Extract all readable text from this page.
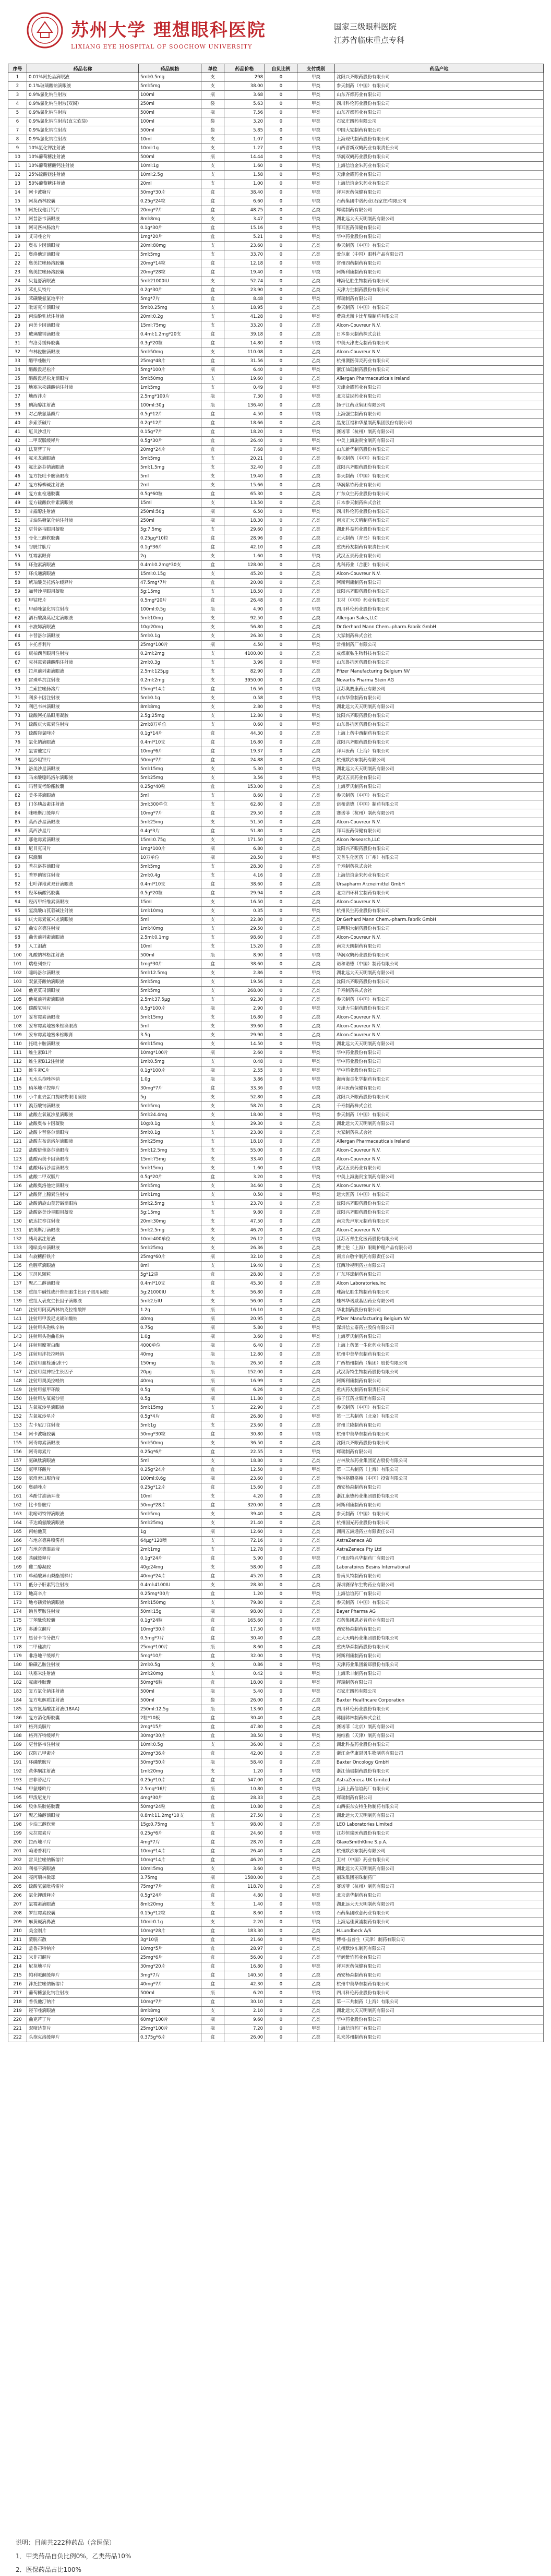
苏州大学 理想眼科医院
LIXIANG EYE HOSPITAL OF SOOCHOW UNIVERSITY
国家三级眼科医院
江苏省临床重点专科
序号	药品名称	药品规格	单位	药品价格	自负比例	支付类别	药品产地
1	0.01%阿托品滴眼液	5ml:0.5mg	支	298	0	甲类	沈阳兴齐眼药股份有限公司
2	0.1%玻璃酸钠滴眼液	5ml:5mg	支	38.00	0	甲类	参天制药（中国）有限公司
3	0.9%氯化钠注射液	100ml	瓶	3.68	0	甲类	山东齐都药业有限公司
4	0.9%氯化钠注射液(双阀)	250ml	袋	5.63	0	甲类	四川科伦药业股份有限公司
5	0.9%氯化钠注射液	500ml	瓶	7.56	0	甲类	山东齐都药业有限公司
6	0.9%氯化钠注射液(直立软袋)	100ml	袋	3.20	0	甲类	石家庄四药有限公司
7	0.9%氯化钠注射液	500ml	袋	5.85	0	甲类	中国大冢制药有限公司
8	0.9%氯化钠注射液	10ml	支	1.07	0	甲类	上海现代制药股份有限公司
9	10%氯化钾注射液	10ml:1g	支	1.27	0	甲类	山西晋新双鹤药业有限责任公司
10	10%葡萄糖注射液	500ml	瓶	14.44	0	甲类	华润双鹤药业股份有限公司
11	10%葡萄糖酸钙注射液	10ml:1g	支	1.60	0	甲类	上海信谊金朱药业有限公司
12	25%硫酸镁注射液	10ml:2.5g	支	1.58	0	甲类	天津金耀药业有限公司
13	50%葡萄糖注射液	20ml	支	1.00	0	甲类	上海信谊金朱药业有限公司
14	阿卡波糖片	50mg*30片	盒	38.40	0	甲类	拜耳医药保健有限公司
15	阿莫西林胶囊	0.25g*24粒	盒	6.60	0	甲类	石药集团中诺药业(石家庄)有限公司
16	阿托伐他汀钙片	20mg*7片	盒	48.75	0	乙类	辉瑞制药有限公司
17	阿昔洛韦滴眼液	8ml:8mg	支	3.47	0	甲类	湖北远大天天明制药有限公司
18	阿司匹林肠溶片	0.1g*30片	盒	15.16	0	甲类	拜耳医药保健有限公司
19	艾司唑仑片	1mg*20片	盒	5.21	0	甲类	华中药业股份有限公司
20	奥布卡因滴眼液	20ml:80mg	支	23.60	0	乙类	参天制药（中国）有限公司
21	奥洛他定滴眼液	5ml:5mg	支	33.70	0	乙类	爱尔康（中国）眼科产品有限公司
22	奥美拉唑肠溶胶囊	20mg*14粒	盒	12.18	0	甲类	常州四药制药有限公司
23	奥美拉唑肠溶胶囊	20mg*28粒	盒	19.40	0	甲类	阿斯利康制药有限公司
24	贝复舒滴眼液	5ml:21000IU	支	52.74	0	乙类	珠海亿胜生物制药有限公司
25	苯扎贝特片	0.2g*30片	盒	23.90	0	乙类	天津力生制药股份有限公司
26	苯磺酸氨氯地平片	5mg*7片	盒	8.48	0	甲类	辉瑞制药有限公司
27	吡诺克辛滴眼液	5ml:0.25mg	支	18.95	0	乙类	参天制药（中国）有限公司
28	丙泊酚乳状注射液	20ml:0.2g	支	41.28	0	甲类	费森尤斯卡比华瑞制药有限公司
29	丙美卡因滴眼液	15ml:75mg	支	33.20	0	乙类	Alcon-Couvreur N.V.
30	玻璃酸钠滴眼液	0.4ml:1.2mg*20支	盒	39.18	0	乙类	日本参天制药株式会社
31	布洛芬缓释胶囊	0.3g*20粒	盒	14.80	0	甲类	中美天津史克制药有限公司
32	布林佐胺滴眼液	5ml:50mg	支	110.08	0	乙类	Alcon-Couvreur N.V.
33	醋甲唑胺片	25mg*48片	盒	31.56	0	乙类	杭州澳医保灵药业有限公司
34	醋酸泼尼松片	5mg*100片	瓶	6.40	0	甲类	浙江仙琚制药股份有限公司
35	醋酸泼尼松龙滴眼液	5ml:50mg	支	19.60	0	乙类	Allergan Pharmaceuticals Ireland
36	地塞米松磷酸钠注射液	1ml:5mg	支	0.49	0	甲类	天津金耀药业有限公司
37	地西泮片	2.5mg*100片	瓶	7.30	0	甲类	北京益民药业有限公司
38	碘海醇注射液	100ml:30g	瓶	136.40	0	乙类	扬子江药业集团有限公司
39	对乙酰氨基酚片	0.5g*12片	盒	4.50	0	甲类	上海强生制药有限公司
40	多索茶碱片	0.2g*12片	盒	18.66	0	乙类	黑龙江福和华星制药集团股份有限公司
41	厄贝沙坦片	0.15g*7片	盒	18.20	0	甲类	赛诺菲（杭州）制药有限公司
42	二甲双胍缓释片	0.5g*30片	盒	26.40	0	甲类	中美上海施贵宝制药有限公司
43	法莫替丁片	20mg*24片	盒	7.68	0	甲类	山东新华制药股份有限公司
44	氟米龙滴眼液	5ml:5mg	支	20.21	0	乙类	参天制药（中国）有限公司
45	氟比洛芬钠滴眼液	5ml:1.5mg	支	32.40	0	乙类	沈阳兴齐眼药股份有限公司
46	复方托吡卡胺滴眼液	5ml	支	19.40	0	乙类	参天制药（中国）有限公司
47	复方樟柳碱注射液	2ml	支	15.66	0	乙类	华润紫竹药业有限公司
48	复方血栓通胶囊	0.5g*60粒	盒	65.30	0	乙类	广东众生药业股份有限公司
49	复方硫酸软骨素滴眼液	15ml	支	13.50	0	乙类	日本参天制药株式会社
50	甘露醇注射液	250ml:50g	瓶	6.50	0	甲类	四川科伦药业股份有限公司
51	甘油果糖氯化钠注射液	250ml	瓶	18.30	0	乙类	南京正大天晴制药有限公司
52	更昔洛韦眼用凝胶	5g:7.5mg	支	29.60	0	乙类	湖北科益药业股份有限公司
53	骨化三醇软胶囊	0.25μg*10粒	盒	28.96	0	乙类	正大制药（青岛）有限公司
54	谷胱甘肽片	0.1g*36片	盒	42.10	0	乙类	重庆药友制药有限责任公司
55	红霉素眼膏	2g	支	1.60	0	甲类	武汉五景药业有限公司
56	环孢素滴眼液	0.4ml:0.2mg*30支	盒	128.00	0	乙类	兆科药业（合肥）有限公司
57	环戊通滴眼液	15ml:0.15g	支	45.20	0	乙类	Alcon-Couvreur N.V.
58	琥珀酸美托洛尔缓释片	47.5mg*7片	盒	20.08	0	乙类	阿斯利康制药有限公司
59	加替沙星眼用凝胶	5g:15mg	支	18.50	0	乙类	沈阳兴齐眼药股份有限公司
60	甲钴胺片	0.5mg*20片	盒	26.48	0	乙类	卫材（中国）药业有限公司
61	甲硝唑氯化钠注射液	100ml:0.5g	瓶	4.90	0	甲类	四川科伦药业股份有限公司
62	酒石酸溴莫尼定滴眼液	5ml:10mg	支	92.50	0	乙类	Allergan Sales,LLC
63	卡波姆滴眼液	10g:20mg	支	56.80	0	乙类	Dr.Gerhard Mann Chem.-pharm.Fabrik GmbH
64	卡替洛尔滴眼液	5ml:0.1g	支	26.30	0	乙类	大冢制药株式会社
65	卡托普利片	25mg*100片	瓶	4.50	0	甲类	常州制药厂有限公司
66	康柏西普眼用注射液	0.2ml:2mg	支	4100.00	0	乙类	成都康弘生物科技有限公司
67	克林霉素磷酸酯注射液	2ml:0.3g	支	3.96	0	甲类	山东鲁抗医药股份有限公司
68	拉坦前列素滴眼液	2.5ml:125μg	支	82.90	0	乙类	Pfizer Manufacturing Belgium NV
69	雷珠单抗注射液	0.2ml:2mg	支	3950.00	0	乙类	Novartis Pharma Stein AG
70	兰索拉唑肠溶片	15mg*14片	盒	16.56	0	甲类	江苏奥赛康药业有限公司
71	利多卡因注射液	5ml:0.1g	支	0.58	0	甲类	山东华鲁制药有限公司
72	利巴韦林滴眼液	8ml:8mg	支	2.80	0	甲类	湖北远大天天明制药有限公司
73	硫酸阿托品眼用凝胶	2.5g:25mg	支	12.80	0	甲类	沈阳兴齐眼药股份有限公司
74	硫酸庆大霉素注射液	2ml:8万单位	支	0.60	0	甲类	山东鲁抗医药股份有限公司
75	硫酸羟氯喹片	0.1g*14片	盒	44.30	0	乙类	上海上药中西制药有限公司
76	氯化钠滴眼液	0.4ml*10支	盒	16.80	0	乙类	沈阳兴齐眼药股份有限公司
77	氯雷他定片	10mg*6片	盒	19.37	0	乙类	拜耳医药（上海）有限公司
78	氯沙坦钾片	50mg*7片	盒	24.88	0	乙类	杭州默沙东制药有限公司
79	洛美沙星滴眼液	5ml:15mg	支	5.30	0	甲类	湖北远大天天明制药有限公司
80	马来酸噻吗洛尔滴眼液	5ml:25mg	支	3.56	0	甲类	武汉五景药业有限公司
81	吗替麦考酚酯胶囊	0.25g*40粒	盒	153.00	0	乙类	上海罗氏制药有限公司
82	美多芬滴眼液	5ml	支	8.60	0	乙类	参天制药（中国）有限公司
83	门冬胰岛素注射液	3ml:300单位	支	62.80	0	乙类	诺和诺德（中国）制药有限公司
84	咪唑斯汀缓释片	10mg*7片	盒	29.50	0	乙类	赛诺菲（杭州）制药有限公司
85	莫西沙星滴眼液	5ml:25mg	支	51.50	0	乙类	Alcon-Couvreur N.V.
86	莫西沙星片	0.4g*3片	盒	51.80	0	乙类	拜耳医药保健有限公司
87	那他霉素滴眼液	15ml:0.75g	支	171.50	0	乙类	Alcon Research,LLC
88	尼目克司片	1mg*100片	瓶	6.80	0	乙类	沈阳兴齐眼药股份有限公司
89	尿激酶	10万单位	瓶	28.50	0	甲类	天普生化医药（广州）有限公司
90	普拉洛芬滴眼液	5ml:5mg	支	28.30	0	乙类	千寿制药株式会社
91	普罗碘铵注射液	2ml:0.4g	支	4.16	0	乙类	上海信谊金朱药业有限公司
92	七叶洋地黄双苷滴眼液	0.4ml*10支	盒	38.60	0	乙类	Ursapharm Arzneimittel GmbH
93	羟苯磺酸钙胶囊	0.5g*20粒	盒	29.94	0	乙类	北京四环科宝制药有限公司
94	羟丙甲纤维素滴眼液	15ml	支	16.50	0	乙类	Alcon-Couvreur N.V.
95	氢溴酸山莨菪碱注射液	1ml:10mg	支	0.35	0	甲类	杭州民生药业股份有限公司
96	庆大霉素氟米龙滴眼液	5ml	支	22.80	0	乙类	Dr.Gerhard Mann Chem.-pharm.Fabrik GmbH
97	曲安奈德注射液	1ml:40mg	支	29.50	0	乙类	昆明积大制药股份有限公司
98	曲伏前列素滴眼液	2.5ml:0.1mg	支	98.60	0	乙类	Alcon-Couvreur N.V.
99	人工泪液	10ml	支	15.20	0	乙类	南京天朗制药有限公司
100	乳酸钠林格注射液	500ml	瓶	8.90	0	甲类	华润双鹤药业股份有限公司
101	瑞格列奈片	1mg*30片	盒	38.60	0	乙类	诺和诺德（中国）制药有限公司
102	噻吗洛尔滴眼液	5ml:12.5mg	支	2.86	0	甲类	湖北远大天天明制药有限公司
103	双氯芬酸钠滴眼液	5ml:5mg	支	19.56	0	乙类	沈阳兴齐眼药股份有限公司
104	他克莫司滴眼液	5ml:5mg	支	268.00	0	乙类	千寿制药株式会社
105	他氟前列素滴眼液	2.5ml:37.5μg	支	92.30	0	乙类	参天制药（中国）有限公司
106	碳酸氢钠片	0.5g*100片	瓶	2.90	0	甲类	天津力生制药股份有限公司
107	妥布霉素滴眼液	5ml:15mg	支	16.80	0	乙类	Alcon-Couvreur N.V.
108	妥布霉素地塞米松滴眼液	5ml	支	39.60	0	乙类	Alcon-Couvreur N.V.
109	妥布霉素地塞米松眼膏	3.5g	支	29.90	0	乙类	Alcon-Couvreur N.V.
110	托吡卡胺滴眼液	6ml:15mg	支	14.50	0	甲类	湖北远大天天明制药有限公司
111	维生素B1片	10mg*100片	瓶	2.60	0	甲类	华中药业股份有限公司
112	维生素B12注射液	1ml:0.5mg	支	0.48	0	甲类	华中药业股份有限公司
113	维生素C片	0.1g*100片	瓶	2.55	0	甲类	华中药业股份有限公司
114	五水头孢唑林钠	1.0g	瓶	3.86	0	甲类	海南海灵化学制药有限公司
115	硝苯地平控释片	30mg*7片	盒	33.36	0	甲类	拜耳医药保健有限公司
116	小牛血去蛋白提取物眼用凝胶	5g	支	52.80	0	乙类	沈阳兴齐眼药股份有限公司
117	溴芬酸钠滴眼液	5ml:5mg	支	58.70	0	乙类	千寿制药株式会社
118	盐酸左氧氟沙星滴眼液	5ml:24.4mg	支	18.00	0	甲类	参天制药（中国）有限公司
119	盐酸奥布卡因凝胶	10g:0.1g	支	29.30	0	乙类	湖北远大天天明制药有限公司
120	盐酸卡替洛尔滴眼液	5ml:0.1g	支	23.80	0	乙类	大冢制药株式会社
121	盐酸左布诺洛尔滴眼液	5ml:25mg	支	18.10	0	乙类	Allergan Pharmaceuticals Ireland
122	盐酸倍他洛尔滴眼液	5ml:12.5mg	支	55.00	0	乙类	Alcon-Couvreur N.V.
123	盐酸丙美卡因滴眼液	15ml:75mg	支	33.40	0	乙类	Alcon-Couvreur N.V.
124	盐酸环丙沙星滴眼液	5ml:15mg	支	1.60	0	甲类	武汉五景药业有限公司
125	盐酸二甲双胍片	0.5g*20片	盒	3.20	0	甲类	中美上海施贵宝制药有限公司
126	盐酸奥洛他定滴眼液	5ml:5mg	支	34.60	0	乙类	Alcon-Couvreur N.V.
127	盐酸肾上腺素注射液	1ml:1mg	支	0.50	0	甲类	远大医药（中国）有限公司
128	盐酸消旋山莨菪碱滴眼液	5ml:2.5mg	支	23.70	0	乙类	沈阳兴齐眼药股份有限公司
129	盐酸洛美沙星眼用凝胶	5g:15mg	支	9.80	0	乙类	沈阳兴齐眼药股份有限公司
130	依达拉奉注射液	20ml:30mg	支	47.50	0	乙类	南京先声东元制药有限公司
131	依美斯汀滴眼液	5ml:2.5mg	支	46.70	0	乙类	Alcon-Couvreur N.V.
132	胰岛素注射液	10ml:400单位	支	26.12	0	甲类	江苏万邦生化医药股份有限公司
133	吲哚美辛滴眼液	5ml:25mg	支	26.36	0	乙类	博士伦（上海）眼睛护理产品有限公司
134	右旋糖酐铁片	25mg*60片	瓶	32.10	0	乙类	南京白敬宇制药有限责任公司
135	鱼腥草滴眼液	8ml	支	19.40	0	乙类	江西珍视明药业有限公司
136	玉屏风颗粒	5g*12袋	盒	28.80	0	乙类	广东环球制药有限公司
137	聚乙二醇滴眼液	0.4ml*10支	盒	45.30	0	乙类	Alcon Laboratories,Inc
138	重组牛碱性成纤维细胞生长因子眼用凝胶	5g:21000IU	支	56.80	0	乙类	珠海亿胜生物制药有限公司
139	重组人表皮生长因子滴眼液	5ml:2万IU	支	56.00	0	乙类	桂林华诺威基因药业有限公司
140	注射用阿莫西林钠克拉维酸钾	1.2g	瓶	16.10	0	乙类	华北制药股份有限公司
141	注射用甲泼尼龙琥珀酸钠	40mg	瓶	20.95	0	乙类	Pfizer Manufacturing Belgium NV
142	注射用头孢呋辛钠	0.75g	瓶	5.80	0	甲类	深圳信立泰药业股份有限公司
143	注射用头孢曲松钠	1.0g	瓶	3.60	0	甲类	上海罗氏制药有限公司
144	注射用糜蛋白酶	4000单位	瓶	6.40	0	乙类	上海上药第一生化药业有限公司
145	注射用泮托拉唑钠	40mg	瓶	12.80	0	乙类	杭州中美华东制药有限公司
146	注射用血栓通(冻干)	150mg	瓶	26.50	0	乙类	广西梧州制药（集团）股份有限公司
147	注射用鼠神经生长因子	20μg	瓶	152.00	0	乙类	武汉海特生物制药股份有限公司
148	注射用奥美拉唑钠	40mg	瓶	16.99	0	乙类	阿斯利康制药有限公司
149	注射用氨甲环酸	0.5g	瓶	6.26	0	乙类	重庆药友制药有限责任公司
150	注射用左氧氟沙星	0.5g	瓶	11.80	0	乙类	扬子江药业集团有限公司
151	左氧氟沙星滴眼液	5ml:15mg	支	22.90	0	乙类	参天制药（中国）有限公司
152	左氧氟沙星片	0.5g*4片	盒	26.80	0	甲类	第一三共制药（北京）有限公司
153	左卡尼汀注射液	5ml:1g	支	23.60	0	乙类	常州兰陵制药有限公司
154	阿卡波糖胶囊	50mg*30粒	盒	30.80	0	甲类	杭州中美华东制药有限公司
155	阿奇霉素滴眼液	5ml:50mg	支	36.50	0	乙类	沈阳兴齐眼药股份有限公司
156	阿奇霉素片	0.25g*6片	盒	22.55	0	甲类	辉瑞制药有限公司
157	氨碘肽滴眼液	5ml	支	18.80	0	乙类	吉林敖东药业集团延吉股份有限公司
158	氨甲环酸片	0.25g*24片	盒	12.50	0	甲类	第一三共制药（上海）有限公司
159	氨溴索口服溶液	100ml:0.6g	瓶	23.60	0	乙类	勃林格殷格翰（中国）投资有限公司
160	奥硝唑片	0.25g*12片	盒	15.60	0	乙类	西安杨森制药有限公司
161	苯酚甘油滴耳液	10ml	支	4.20	0	乙类	浙江康德药业集团股份有限公司
162	比卡鲁胺片	50mg*28片	盒	320.00	0	乙类	阿斯利康制药有限公司
163	吡嘧司特钾滴眼液	5ml:5mg	支	39.40	0	乙类	参天制药（中国）有限公司
164	苄达赖氨酸滴眼液	5ml:25mg	支	21.40	0	乙类	杭州国光药业股份有限公司
165	丙帕他莫	1g	瓶	12.60	0	乙类	湖南五洲通药业有限责任公司
166	布地奈德鼻喷雾剂	64μg*120喷	支	72.16	0	乙类	AstraZeneca AB
167	布地奈德混悬液	2ml:1mg	支	12.78	0	乙类	AstraZeneca Pty Ltd
168	茶碱缓释片	0.1g*24片	盒	5.90	0	甲类	广州迈特兴华制药厂有限公司
169	雌二醇凝胶	40g:24mg	支	58.00	0	乙类	Laboratoires Besins International
170	单硝酸异山梨酯缓释片	40mg*24片	盒	45.20	0	乙类	鲁南贝特制药有限公司
171	低分子肝素钙注射液	0.4ml:4100IU	支	28.30	0	乙类	深圳赛保尔生物药业有限公司
172	地高辛片	0.25mg*30片	盒	1.20	0	甲类	上海信谊药厂有限公司
173	地夸磷索钠滴眼液	5ml:150mg	支	79.80	0	乙类	参天制药（中国）有限公司
174	碘普罗胺注射液	50ml:15g	瓶	98.00	0	乙类	Bayer Pharma AG
175	丁苯酞软胶囊	0.1g*24粒	盒	165.60	0	乙类	石药集团恩必普药业有限公司
176	多潘立酮片	10mg*30片	盒	17.50	0	甲类	西安杨森制药有限公司
177	恩替卡韦分散片	0.5mg*7片	盒	30.40	0	乙类	正大天晴药业集团股份有限公司
178	二甲硅油片	25mg*100片	瓶	8.60	0	乙类	重庆华森制药股份有限公司
179	非洛地平缓释片	5mg*10片	盒	32.00	0	甲类	阿斯利康制药有限公司
180	酚磺乙胺注射液	2ml:0.5g	支	0.86	0	甲类	天津药业集团新郑股份有限公司
181	呋塞米注射液	2ml:20mg	支	0.42	0	甲类	上海禾丰制药有限公司
182	氟康唑胶囊	50mg*6粒	盒	18.00	0	甲类	辉瑞制药有限公司
183	复方氯化钠注射液	500ml	瓶	5.40	0	甲类	石家庄四药有限公司
184	复方电解质注射液	500ml	袋	26.00	0	乙类	Baxter Healthcare Corporation
185	复方氨基酸注射液(18AA)	250ml:12.5g	瓶	13.60	0	乙类	四川科伦药业股份有限公司
186	复方消化酶胶囊	2粒*10板	盒	30.40	0	乙类	韩国韩林制药株式会社
187	格列美脲片	2mg*15片	盒	47.80	0	乙类	赛诺菲（北京）制药有限公司
188	格列齐特缓释片	30mg*30片	盒	38.50	0	甲类	施维雅（天津）制药有限公司
189	更昔洛韦注射液	10ml:0.5g	支	36.00	0	乙类	湖北科益药业股份有限公司
190	汉防己甲素片	20mg*36片	盒	42.00	0	乙类	浙江金华康恩贝生物制药有限公司
191	环磷酰胺片	50mg*50片	瓶	58.40	0	乙类	Baxter Oncology GmbH
192	黄体酮注射液	1ml:20mg	支	1.20	0	甲类	浙江仙琚制药股份有限公司
193	吉非替尼片	0.25g*10片	盒	547.00	0	乙类	AstraZeneca UK Limited
194	甲氨蝶呤片	2.5mg*16片	瓶	10.80	0	甲类	上海上药信谊药厂有限公司
195	甲泼尼龙片	4mg*30片	盒	28.33	0	乙类	辉瑞制药有限公司
196	胶体果胶铋胶囊	50mg*24粒	盒	10.80	0	乙类	山西振东安特生物制药有限公司
197	聚乙烯醇滴眼液	0.8ml:11.2mg*10支	盒	27.50	0	乙类	湖北远大天天明制药有限公司
198	卡泊三醇软膏	15g:0.75mg	支	98.00	0	乙类	LEO Laboratories Limited
199	克拉霉素片	0.25g*6片	盒	24.60	0	甲类	江苏恒瑞医药股份有限公司
200	拉西地平片	4mg*7片	盒	28.70	0	乙类	GlaxoSmithKline S.p.A.
201	赖诺普利片	10mg*14片	盒	26.40	0	乙类	杭州默沙东制药有限公司
202	雷贝拉唑钠肠溶片	10mg*14片	盒	46.20	0	乙类	卫材（中国）药业有限公司
203	利福平滴眼液	10ml:5mg	支	3.60	0	甲类	湖北远大天天明制药有限公司
204	亮丙瑞林微球	3.75mg	瓶	1580.00	0	乙类	丽珠集团丽珠制药厂
205	硫酸氢氯吡格雷片	75mg*7片	盒	118.70	0	乙类	赛诺菲（杭州）制药有限公司
206	氯化钾缓释片	0.5g*24片	盒	4.80	0	甲类	北京诺华制药有限公司
207	氯霉素滴眼液	8ml:20mg	支	1.40	0	甲类	湖北远大天天明制药有限公司
208	罗红霉素胶囊	0.15g*12粒	盒	8.60	0	甲类	石药集团欧意药业有限公司
209	麻黄碱滴鼻液	10ml:0.1g	支	2.20	0	甲类	上海运佳黄浦制药有限公司
210	美金刚片	10mg*28片	盒	183.30	0	乙类	H.Lundbeck A/S
211	蒙脱石散	3g*10袋	盒	21.60	0	甲类	博福-益普生（天津）制药有限公司
212	孟鲁司特钠片	10mg*5片	盒	28.97	0	乙类	杭州默沙东制药有限公司
213	米非司酮片	25mg*6片	盒	56.00	0	乙类	华润紫竹药业有限公司
214	尼莫地平片	30mg*20片	盒	16.80	0	甲类	拜耳医药保健有限公司
215	帕利哌酮缓释片	3mg*7片	盒	140.50	0	乙类	西安杨森制药有限公司
216	泮托拉唑钠肠溶片	40mg*7片	盒	42.30	0	乙类	杭州中美华东制药有限公司
217	葡萄糖氯化钠注射液	500ml	瓶	6.20	0	甲类	四川科伦药业股份有限公司
218	普伐他汀钠片	10mg*7片	盒	30.10	0	乙类	第一三共制药（上海）有限公司
219	羟苄唑滴眼液	8ml:8mg	支	2.10	0	乙类	湖北远大天天明制药有限公司
220	曲克芦丁片	60mg*100片	瓶	9.60	0	乙类	华中药业股份有限公司
221	双嘧达莫片	25mg*100片	瓶	7.20	0	甲类	上海信谊药厂有限公司
222	头孢克洛缓释片	0.375g*6片	盒	26.00	0	乙类	礼来苏州制药有限公司
说明：目前共222种药品（含医保）
1．甲类药品自负比例0%，乙类药品10%
2．医保药品占比100%
